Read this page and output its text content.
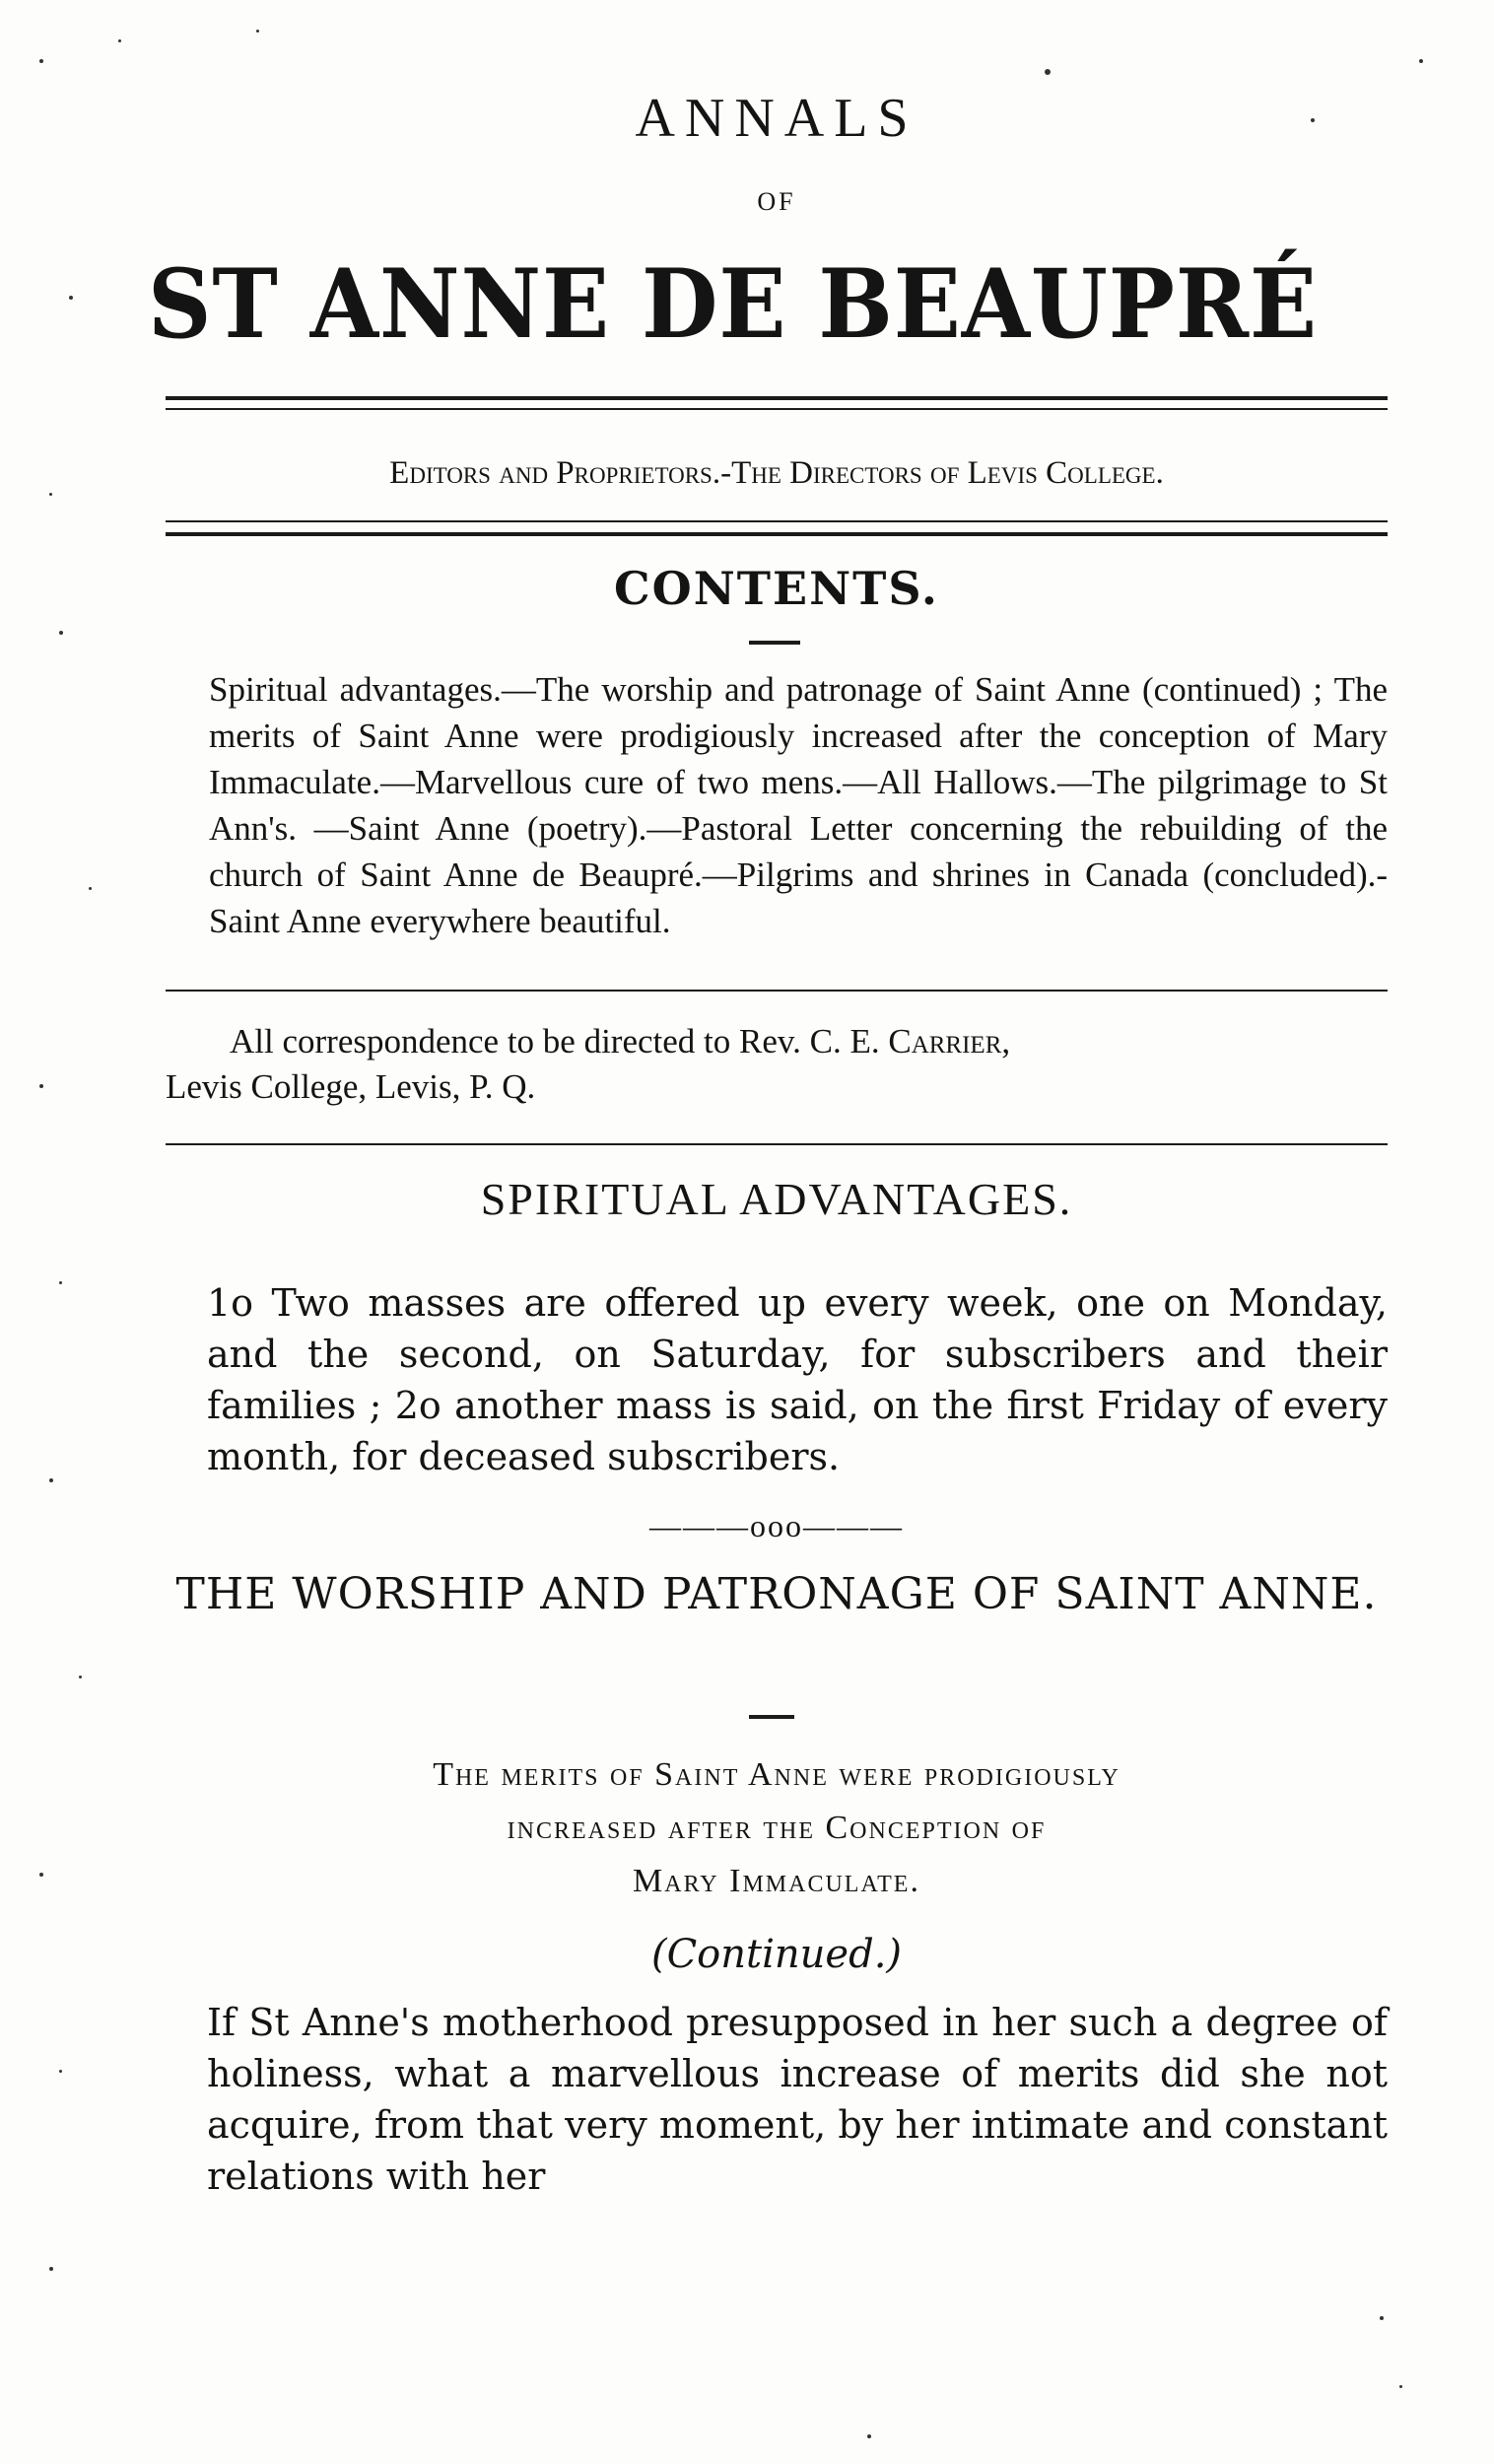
ANNALS
OF
ST ANNE DE BEAUPRÉ
Editors and Proprietors.-The Directors of Levis College.
CONTENTS.
Spiritual advantages.—The worship and patronage of Saint Anne (continued) ; The merits of Saint Anne were prodigiously increased after the conception of Mary Immaculate.—Marvellous cure of two mens.—All Hallows.—The pilgrimage to St Ann's. —Saint Anne (poetry).—Pastoral Letter concerning the rebuilding of the church of Saint Anne de Beaupré.—Pilgrims and shrines in Canada (concluded).-Saint Anne everywhere beautiful.
All correspondence to be directed to Rev. C. E. Carrier,
Levis College, Levis, P. Q.
SPIRITUAL ADVANTAGES.
1o Two masses are offered up every week, one on Monday, and the second, on Saturday, for subscribers and their families ; 2o another mass is said, on the first Friday of every month, for deceased subscribers.
———ooo———
THE WORSHIP AND PATRONAGE OF SAINT ANNE.
The merits of Saint Anne were prodigiously
increased after the Conception of
Mary Immaculate.
(Continued.)
If St Anne's motherhood presupposed in her such a degree of holiness, what a marvellous increase of merits did she not acquire, from that very moment, by her intimate and constant relations with her
